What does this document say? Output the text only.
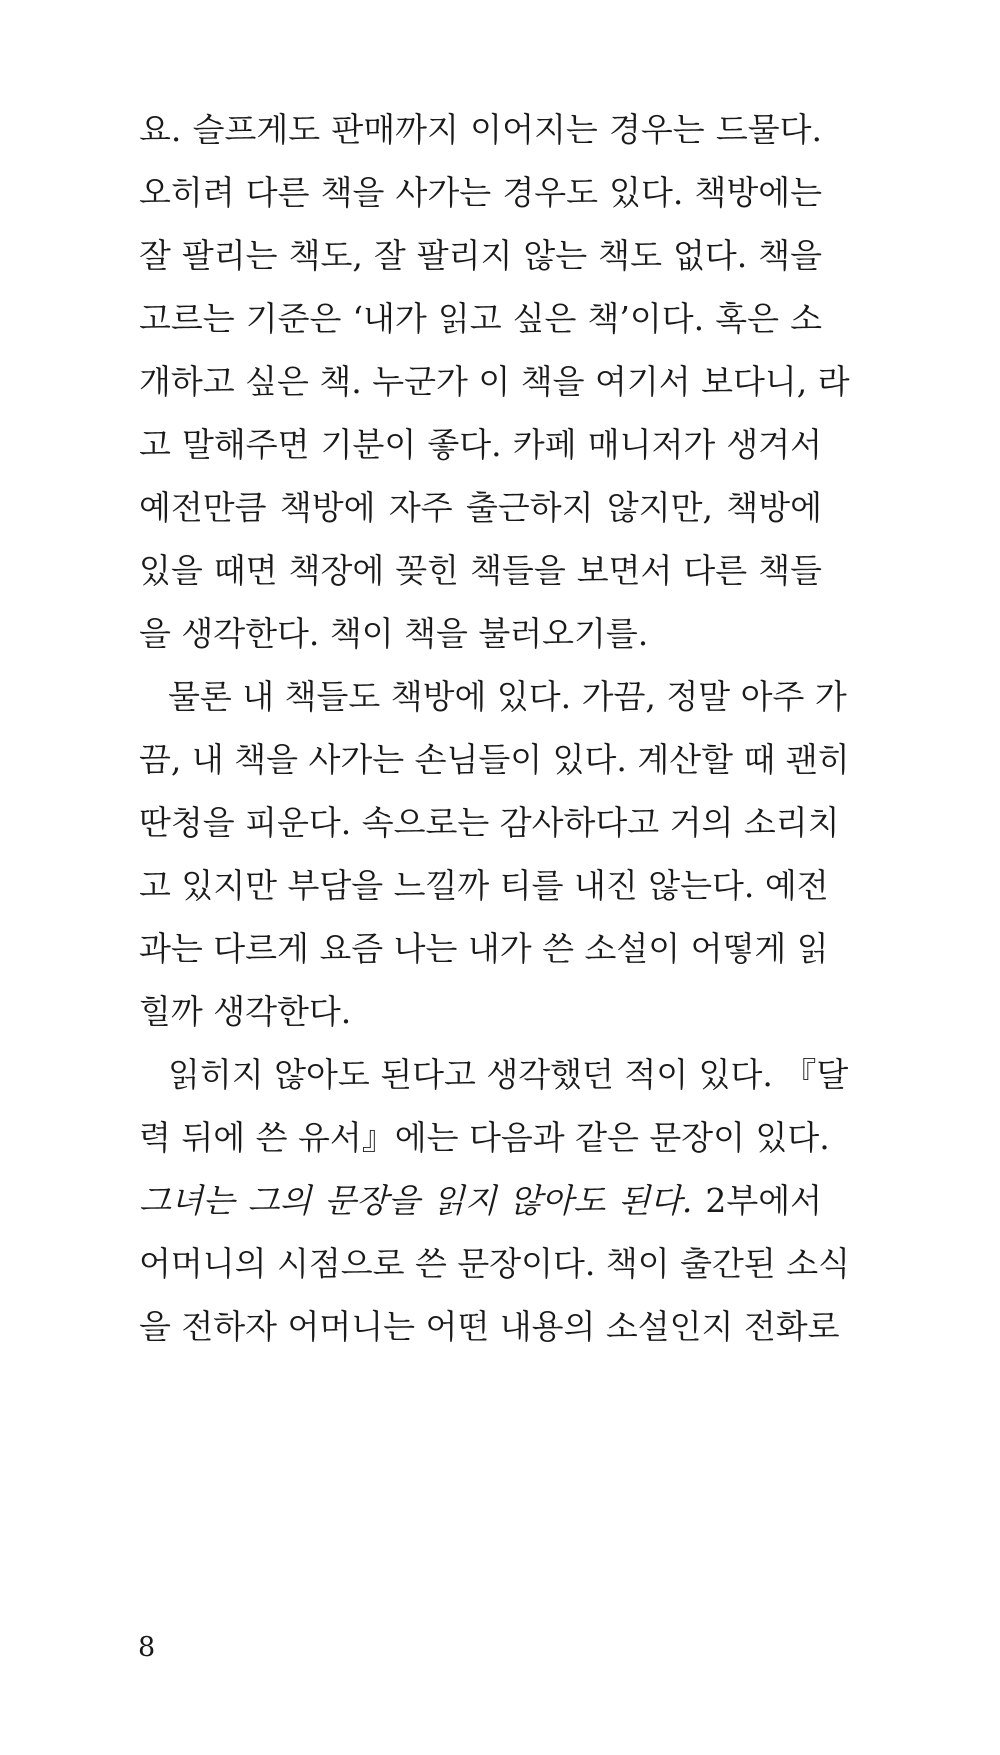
요. 슬프게도 판매까지 이어지는 경우는 드물다.
오히려 다른 책을 사가는 경우도 있다. 책방에는
잘 팔리는 책도, 잘 팔리지 않는 책도 없다. 책을
고르는 기준은 ‘내가 읽고 싶은 책’이다. 혹은 소
개하고 싶은 책. 누군가 이 책을 여기서 보다니, 라
고 말해주면 기분이 좋다. 카페 매니저가 생겨서
예전만큼 책방에 자주 출근하지 않지만, 책방에
있을 때면 책장에 꽂힌 책들을 보면서 다른 책들
을 생각한다. 책이 책을 불러오기를.
물론 내 책들도 책방에 있다. 가끔, 정말 아주 가
끔, 내 책을 사가는 손님들이 있다. 계산할 때 괜히
딴청을 피운다. 속으로는 감사하다고 거의 소리치
고 있지만 부담을 느낄까 티를 내진 않는다. 예전
과는 다르게 요즘 나는 내가 쓴 소설이 어떻게 읽
힐까 생각한다.
읽히지 않아도 된다고 생각했던 적이 있다. 『달
력 뒤에 쓴 유서』에는 다음과 같은 문장이 있다.
그녀는 그의 문장을 읽지 않아도 된다. 2부에서
어머니의 시점으로 쓴 문장이다. 책이 출간된 소식
을 전하자 어머니는 어떤 내용의 소설인지 전화로
8
